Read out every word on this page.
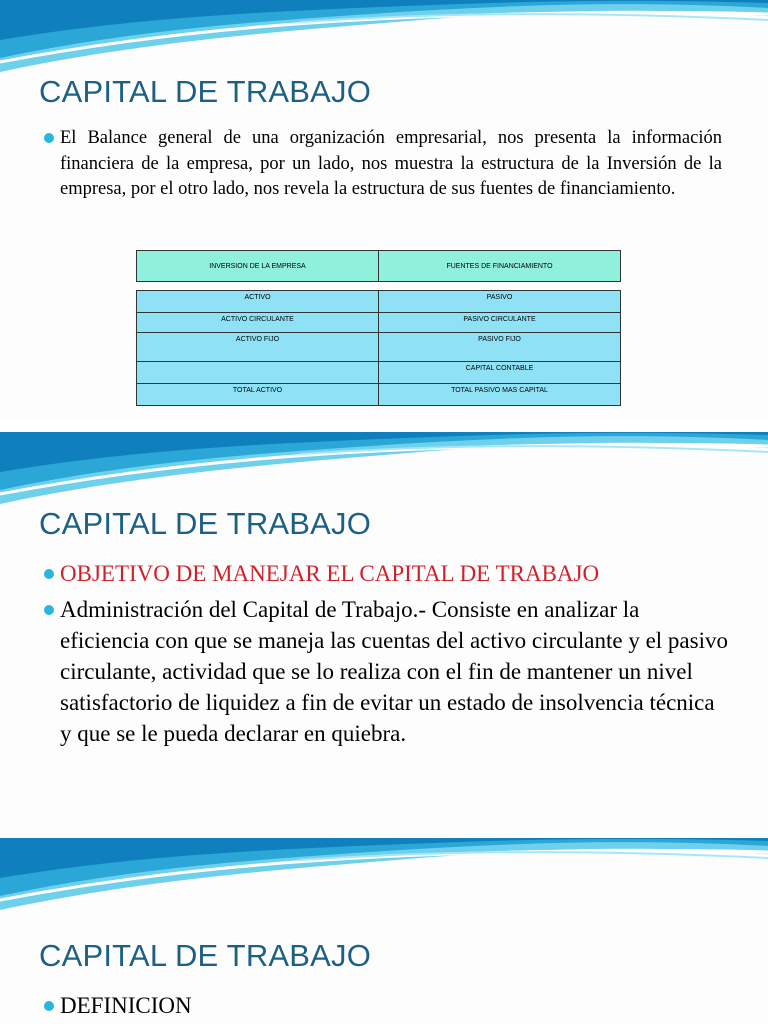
CAPITAL DE TRABAJO
El Balance general de una organización empresarial, nos presenta la información financiera de la empresa, por un lado, nos muestra la estructura de la Inversión de la empresa, por el otro lado, nos revela la estructura de sus fuentes de financiamiento.
INVERSION DE LA EMPRESA	FUENTES DE FINANCIAMIENTO
ACTIVO	PASIVO
ACTIVO CIRCULANTE	PASIVO CIRCULANTE
ACTIVO FIJO	PASIVO FIJO
	CAPITAL CONTABLE
TOTAL ACTIVO	TOTAL PASIVO MAS CAPITAL
CAPITAL DE TRABAJO
OBJETIVO DE MANEJAR EL CAPITAL DE TRABAJO
Administración del Capital de Trabajo.- Consiste en analizar la eficiencia con que se maneja las cuentas del activo circulante y el pasivo circulante, actividad que se lo realiza con el fin de mantener un nivel satisfactorio de liquidez a fin de evitar un estado de insolvencia técnica y que se le pueda declarar en quiebra.
CAPITAL DE TRABAJO
DEFINICION
